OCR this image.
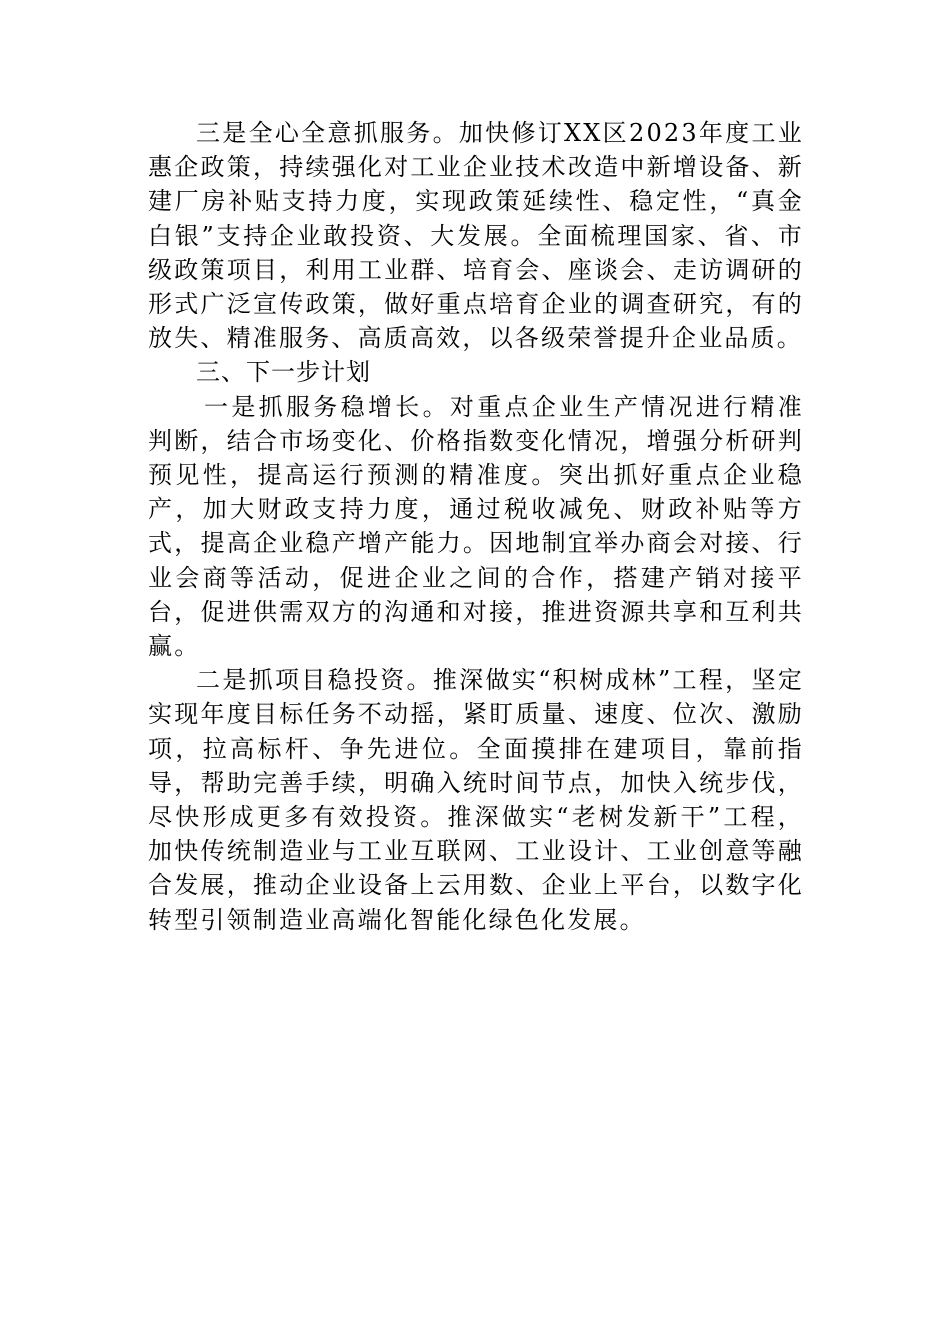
三是全心全意抓服务。加快修订XX区2023年度工业惠企政策，持续强化对工业企业技术改造中新增设备、新建厂房补贴支持力度，实现政策延续性、稳定性，“真金白银”支持企业敢投资、大发展。全面梳理国家、省、市级政策项目，利用工业群、培育会、座谈会、走访调研的形式广泛宣传政策，做好重点培育企业的调查研究，有的放失、精准服务、高质高效，以各级荣誉提升企业品质。

三、下一步计划

一是抓服务稳增长。对重点企业生产情况进行精准判断，结合市场变化、价格指数变化情况，增强分析研判预见性，提高运行预测的精准度。突出抓好重点企业稳产，加大财政支持力度，通过税收减免、财政补贴等方式，提高企业稳产增产能力。因地制宜举办商会对接、行业会商等活动，促进企业之间的合作，搭建产销对接平台，促进供需双方的沟通和对接，推进资源共享和互利共赢。

二是抓项目稳投资。推深做实“积树成林”工程，坚定实现年度目标任务不动摇，紧盯质量、速度、位次、激励项，拉高标杆、争先进位。全面摸排在建项目，靠前指导，帮助完善手续，明确入统时间节点，加快入统步伐，尽快形成更多有效投资。推深做实“老树发新干”工程，加快传统制造业与工业互联网、工业设计、工业创意等融合发展，推动企业设备上云用数、企业上平台，以数字化转型引领制造业高端化智能化绿色化发展。
